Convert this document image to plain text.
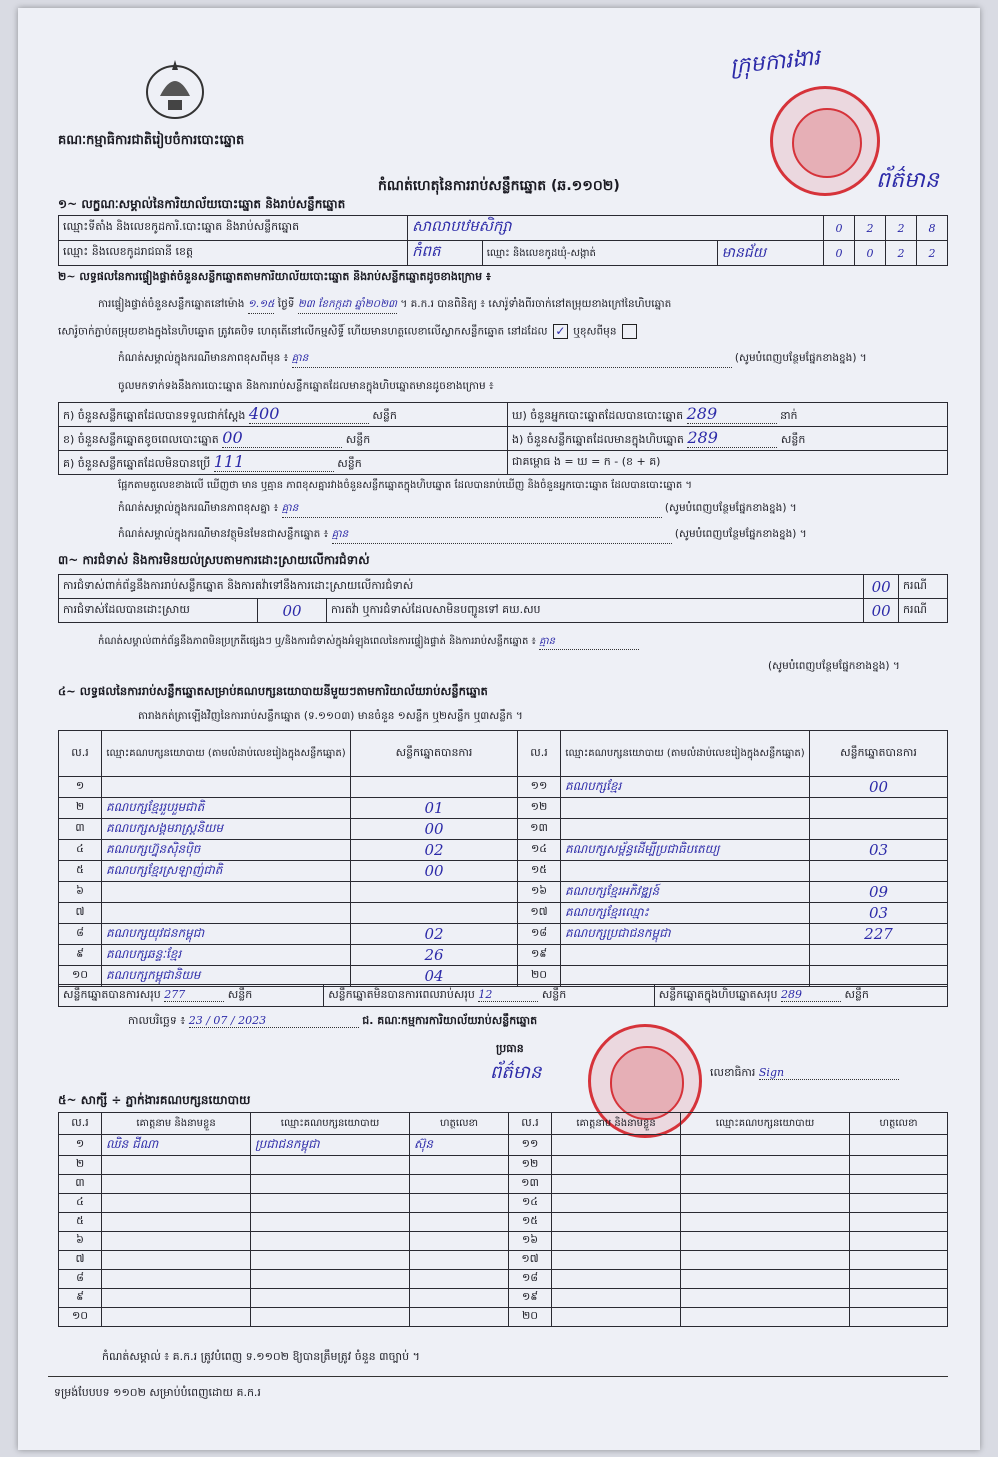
គណៈកម្មាធិការជាតិរៀបចំការបោះឆ្នោត
ក្រុមការងារ
ព័ត៌មាន
កំណត់ហេតុនៃការរាប់សន្លឹកឆ្នោត (ឆ.១១០២)
១~ លក្ខណៈសម្គាល់នៃការិយាល័យបោះឆ្នោត និងរាប់សន្លឹកឆ្នោត
ឈ្មោះទីតាំង និងលេខកូដការិ.បោះឆ្នោត និងរាប់សន្លឹកឆ្នោត	សាលាបឋមសិក្សា			0	2	2	8
ឈ្មោះ និងលេខកូដរាជធានី ខេត្ត	កំពត	ឈ្មោះ និងលេខកូដឃុំ-សង្កាត់	មានជ័យ	0	0	2	2
២~ លទ្ធផលនៃការផ្ទៀងផ្ទាត់ចំនួនសន្លឹកឆ្នោតតាមការិយាល័យបោះឆ្នោត និងរាប់សន្លឹកឆ្នោតដូចខាងក្រោម ៖
ការផ្ទៀងផ្ទាត់ចំនួនសន្លឹកឆ្នោតនៅម៉ោង ១.១៥ ថ្ងៃទី ២៣ ខែកក្កដា ឆ្នាំ២០២៣ ។ គ.ក.រ បានពិនិត្យ ៖ សោរ៉ូទាំងពីរចាក់នៅតម្រុយខាងក្រៅនៃហិបឆ្នោត
សោរ៉ូចាក់ភ្ជាប់តម្រុយខាងក្នុងនៃហិបឆ្នោត ត្រូវគេបិទ ហេតុតើនៅលើកម្មសិទ្ធិ៍ ហើយមានហត្ថលេខាលើស្លាកសន្លឹកឆ្នោត នៅដដែល ✓ ឬខុសពីមុន
កំណត់សម្គាល់ក្នុងករណីមានភាពខុសពីមុន ៖ គ្មាន	(សូមបំពេញបន្ថែមផ្នែកខាងខ្នង) ។
ចូលមកទាក់ទងនឹងការបោះឆ្នោត និងការរាប់សន្លឹកឆ្នោតដែលមានក្នុងហិបឆ្នោតមានដូចខាងក្រោម ៖
ក) ចំនួនសន្លឹកឆ្នោតដែលបានទទួលជាក់ស្តែង 400 សន្លឹក	ឃ) ចំនួនអ្នកបោះឆ្នោតដែលបានបោះឆ្នោត 289 នាក់
ខ) ចំនួនសន្លឹកឆ្នោតខូចពេលបោះឆ្នោត 00 សន្លឹក	ង) ចំនួនសន្លឹកឆ្នោតដែលមានក្នុងហិបឆ្នោត 289 សន្លឹក
គ) ចំនួនសន្លឹកឆ្នោតដែលមិនបានប្រើ 111 សន្លឹក	ជាគម្ពោធ ង = ឃ = ក - (ខ + គ)
ផ្អែកតាមតួលេខខាងលើ ឃើញថា មាន ឬគ្មាន ភាពខុសគ្នារវាងចំនួនសន្លឹកឆ្នោតក្នុងហិបឆ្នោត ដែលបានរាប់ឃើញ និងចំនួនអ្នកបោះឆ្នោត ដែលបានបោះឆ្នោត ។
កំណត់សម្គាល់ក្នុងករណីមានភាពខុសគ្នា ៖ គ្មាន	(សូមបំពេញបន្ថែមផ្នែកខាងខ្នង) ។
កំណត់សម្គាល់ក្នុងករណីមានវត្ថុមិនមែនជាសន្លឹកឆ្នោត ៖ គ្មាន	(សូមបំពេញបន្ថែមផ្នែកខាងខ្នង) ។
៣~ ការជំទាស់ និងការមិនយល់ស្របតាមការដោះស្រាយលើការជំទាស់
ការជំទាស់ពាក់ព័ន្ធនឹងការរាប់សន្លឹកឆ្នោត និងការតវ៉ាទៅនឹងការដោះស្រាយលើការជំទាស់			00	ករណី
ការជំទាស់ដែលបានដោះស្រាយ	00	ការតវ៉ា ឬការជំទាស់ដែលសាមិនបញ្ជូនទៅ គឃ.សប	00	ករណី
កំណត់សម្គាល់ពាក់ព័ន្ធនឹងភាពមិនប្រក្រតីផ្សេងៗ ឬ/និងការជំទាស់ក្នុងអំឡុងពេលនៃការផ្ទៀងផ្ទាត់ និងការរាប់សន្លឹកឆ្នោត ៖ គ្មាន
(សូមបំពេញបន្ថែមផ្នែកខាងខ្នង) ។
៤~ លទ្ធផលនៃការរាប់សន្លឹកឆ្នោតសម្រាប់គណបក្សនយោបាយនីមួយៗតាមការិយាល័យរាប់សន្លឹកឆ្នោត
តារាងកត់ត្រាឡើងវិញនៃការរាប់សន្លឹកឆ្នោត (ទ.១១០៣) មានចំនួន ១សន្លឹក ឬ២សន្លឹក ឬ៣សន្លឹក ។
ល.រ	ឈ្មោះគណបក្សនយោបាយ (តាមលំដាប់លេខរៀងក្នុងសន្លឹកឆ្នោត)	សន្លឹកឆ្នោតបានការ	ល.រ	ឈ្មោះគណបក្សនយោបាយ (តាមលំដាប់លេខរៀងក្នុងសន្លឹកឆ្នោត)	សន្លឹកឆ្នោតបានការ
១			១១	គណបក្សខ្មែរ	00
២	គណបក្សខ្មែររួបរួមជាតិ	01	១២		
៣	គណបក្សសង្គមរាស្ត្រនិយម	00	១៣		
៤	គណបក្សហ្វ៊ុនស៊ិនប៉ិច	02	១៤	គណបក្សសម្ព័ន្ធដើម្បីប្រជាធិបតេយ្យ	03
៥	គណបក្សខ្មែរស្រឡាញ់ជាតិ	00	១៥		
៦			១៦	គណបក្សខ្មែរអភិវឌ្ឍន៍	09
៧			១៧	គណបក្សខ្មែរឈ្មោះ	03
៨	គណបក្សយុវជនកម្ពុជា	02	១៨	គណបក្សប្រជាជនកម្ពុជា	227
៩	គណបក្សឆន្ទៈខ្មែរ	26	១៩		
១០	គណបក្សកម្ពុជានិយម	04	២០		
សន្លឹកឆ្នោតបានការសរុប 277	សន្លឹក	សន្លឹកឆ្នោតមិនបានការពេលរាប់សរុប 12	សន្លឹក	សន្លឹកឆ្នោតក្នុងហិបឆ្នោតសរុប 289	សន្លឹក
កាលបរិច្ឆេទ ៖ 23 / 07 / 2023	ជ. គណៈកម្មការការិយាល័យរាប់សន្លឹកឆ្នោត
ប្រធាន
ព័ត៌មាន	លេខាធិការ Sign
៥~ សាក្សី ÷ ភ្នាក់ងារគណបក្សនយោបាយ
ល.រ	គោត្តនាម និងនាមខ្លួន	ឈ្មោះគណបក្សនយោបាយ	ហត្ថលេខា	ល.រ	គោត្តនាម និងនាមខ្លួន	ឈ្មោះគណបក្សនយោបាយ	ហត្ថលេខា
១	ឈិន ជីណា	ប្រជាជនកម្ពុជា	ស៊ុន	១១			
២				១២			
៣				១៣			
៤				១៤			
៥				១៥			
៦				១៦			
៧				១៧			
៨				១៨			
៩				១៩			
១០				២០			
កំណត់សម្គាល់ ៖ គ.ក.រ ត្រូវបំពេញ ទ.១១០២ ឱ្យបានត្រឹមត្រូវ ចំនួន ៣ច្បាប់ ។
ទម្រង់បែបបទ ១១០២ សម្រាប់បំពេញដោយ គ.ក.រ
